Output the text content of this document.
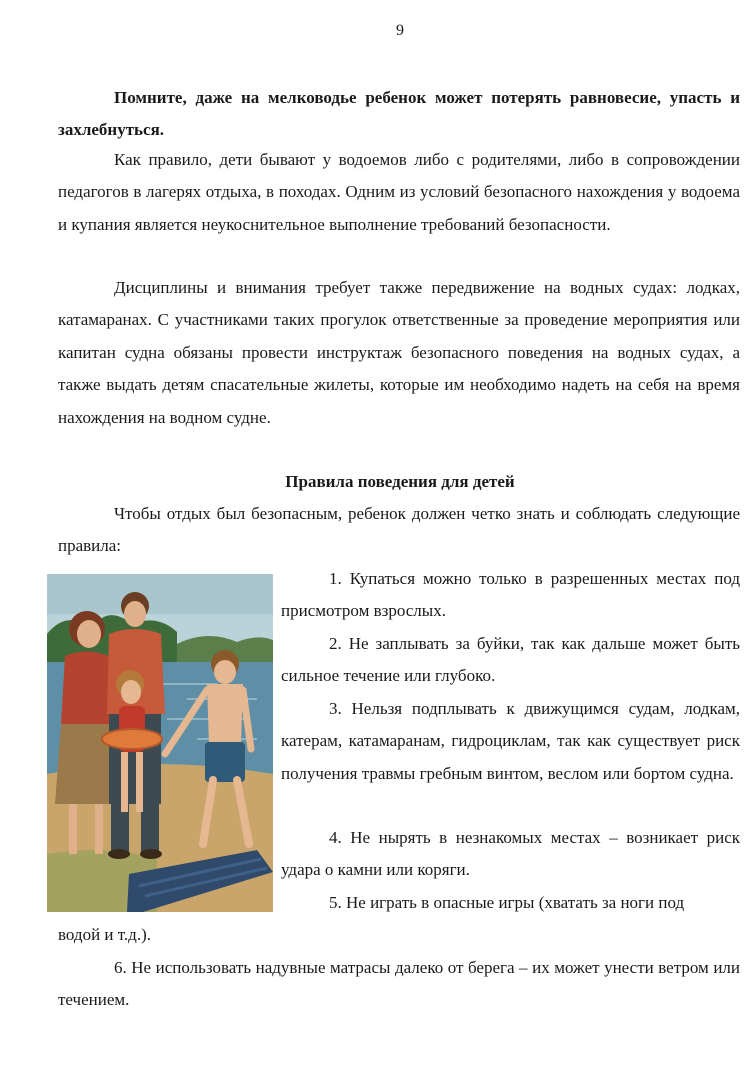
9

Помните, даже на мелководье ребенок может потерять равновесие, упасть и захлебнуться.

Как правило, дети бывают у водоемов либо с родителями, либо в сопровождении педагогов в лагерях отдыха, в походах. Одним из условий безопасного нахождения у водоема и купания является неукоснительное выполнение требований безопасности.

Дисциплины и внимания требует также передвижение на водных судах: лодках, катамаранах. С участниками таких прогулок ответственные за проведение мероприятия или капитан судна обязаны провести инструктаж безопасного поведения на водных судах, а также выдать детям спасательные жилеты, которые им необходимо надеть на себя на время нахождения на водном судне.

Правила поведения для детей

Чтобы отдых был безопасным, ребенок должен четко знать и соблюдать следующие правила:

1. Купаться можно только в разрешенных местах под присмотром взрослых.

2. Не заплывать за буйки, так как дальше может быть сильное течение или глубоко.

3. Нельзя подплывать к движущимся судам, лодкам, катерам, катамаранам, гидроциклам, так как существует риск получения травмы гребным винтом, веслом или бортом судна.

4. Не нырять в незнакомых местах – возникает риск удара о камни или коряги.

5. Не играть в опасные игры (хватать за ноги под

водой и т.д.).

6. Не использовать надувные матрасы далеко от берега – их может унести ветром или течением.
